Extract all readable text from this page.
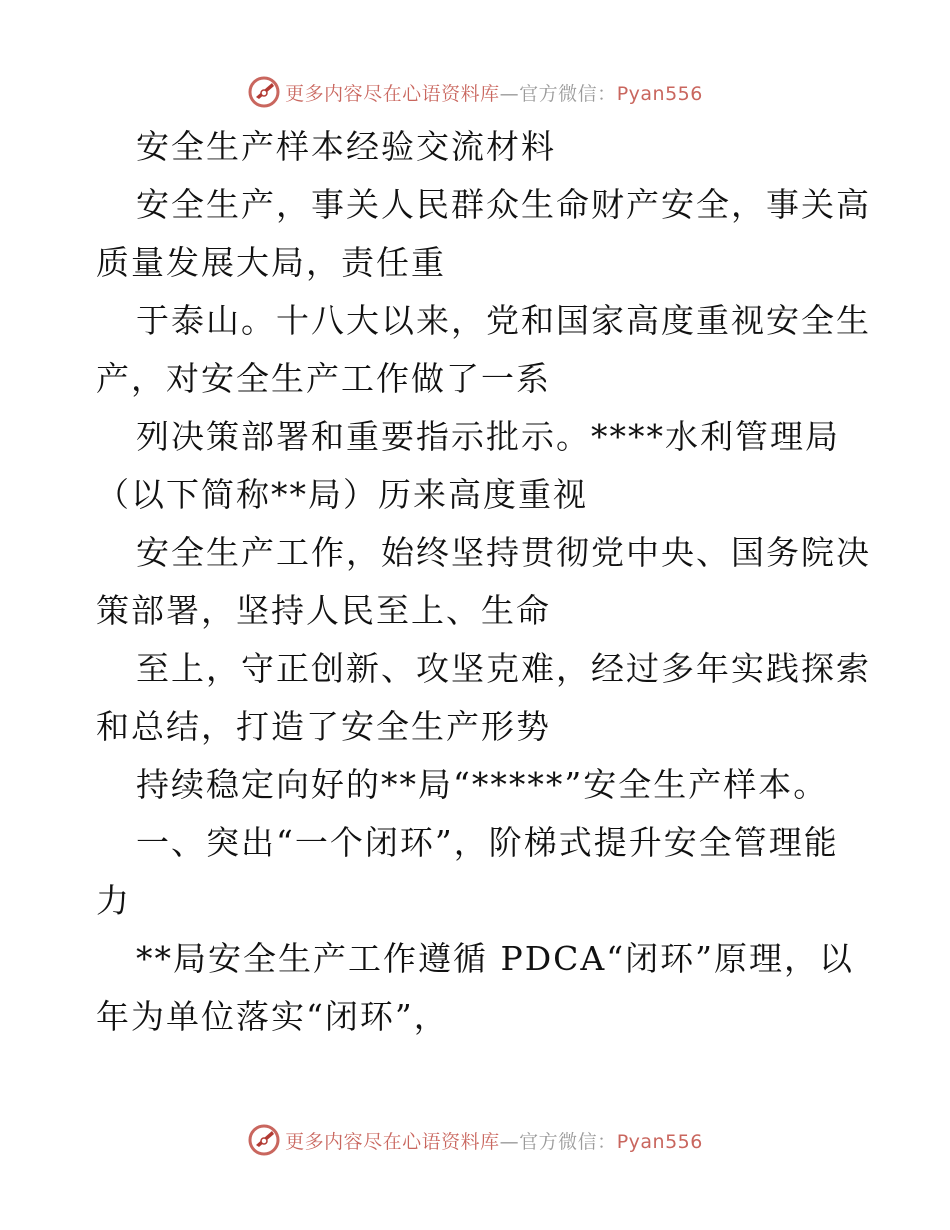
更多内容尽在心语资料库—官方微信：Pyan556
安全生产样本经验交流材料
安全生产，事关人民群众生命财产安全，事关高
质量发展大局，责任重
于泰山。十八大以来，党和国家高度重视安全生
产，对安全生产工作做了一系
列决策部署和重要指示批示。****水利管理局
（以下简称**局）历来高度重视
安全生产工作，始终坚持贯彻党中央、国务院决
策部署，坚持人民至上、生命
至上，守正创新、攻坚克难，经过多年实践探索
和总结，打造了安全生产形势
持续稳定向好的**局“*****”安全生产样本。
一、突出“一个闭环”，阶梯式提升安全管理能
力
**局安全生产工作遵循 PDCA“闭环”原理，以
年为单位落实“闭环”，
更多内容尽在心语资料库—官方微信：Pyan556
